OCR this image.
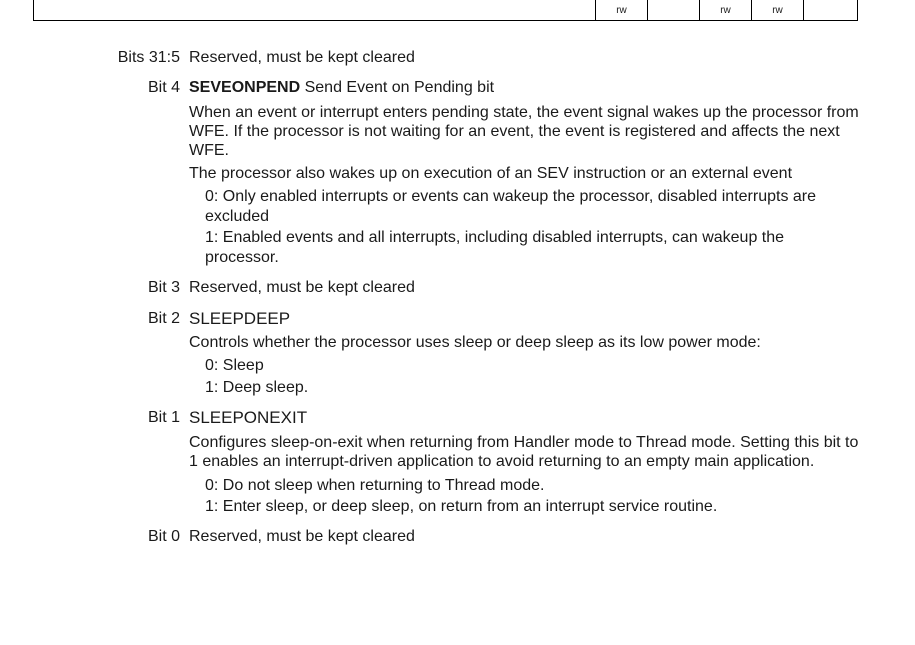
rw	rw	rw
Bits 31:5 Reserved, must be kept cleared
Bit 4 SEVEONPEND Send Event on Pending bit
When an event or interrupt enters pending state, the event signal wakes up the processor from
WFE. If the processor is not waiting for an event, the event is registered and affects the next
WFE.
The processor also wakes up on execution of an SEV instruction or an external event
0: Only enabled interrupts or events can wakeup the processor, disabled interrupts are
excluded
1: Enabled events and all interrupts, including disabled interrupts, can wakeup the
processor.
Bit 3 Reserved, must be kept cleared
Bit 2 SLEEPDEEP
Controls whether the processor uses sleep or deep sleep as its low power mode:
0: Sleep
1: Deep sleep.
Bit 1 SLEEPONEXIT
Configures sleep-on-exit when returning from Handler mode to Thread mode. Setting this bit to
1 enables an interrupt-driven application to avoid returning to an empty main application.
0: Do not sleep when returning to Thread mode.
1: Enter sleep, or deep sleep, on return from an interrupt service routine.
Bit 0 Reserved, must be kept cleared
